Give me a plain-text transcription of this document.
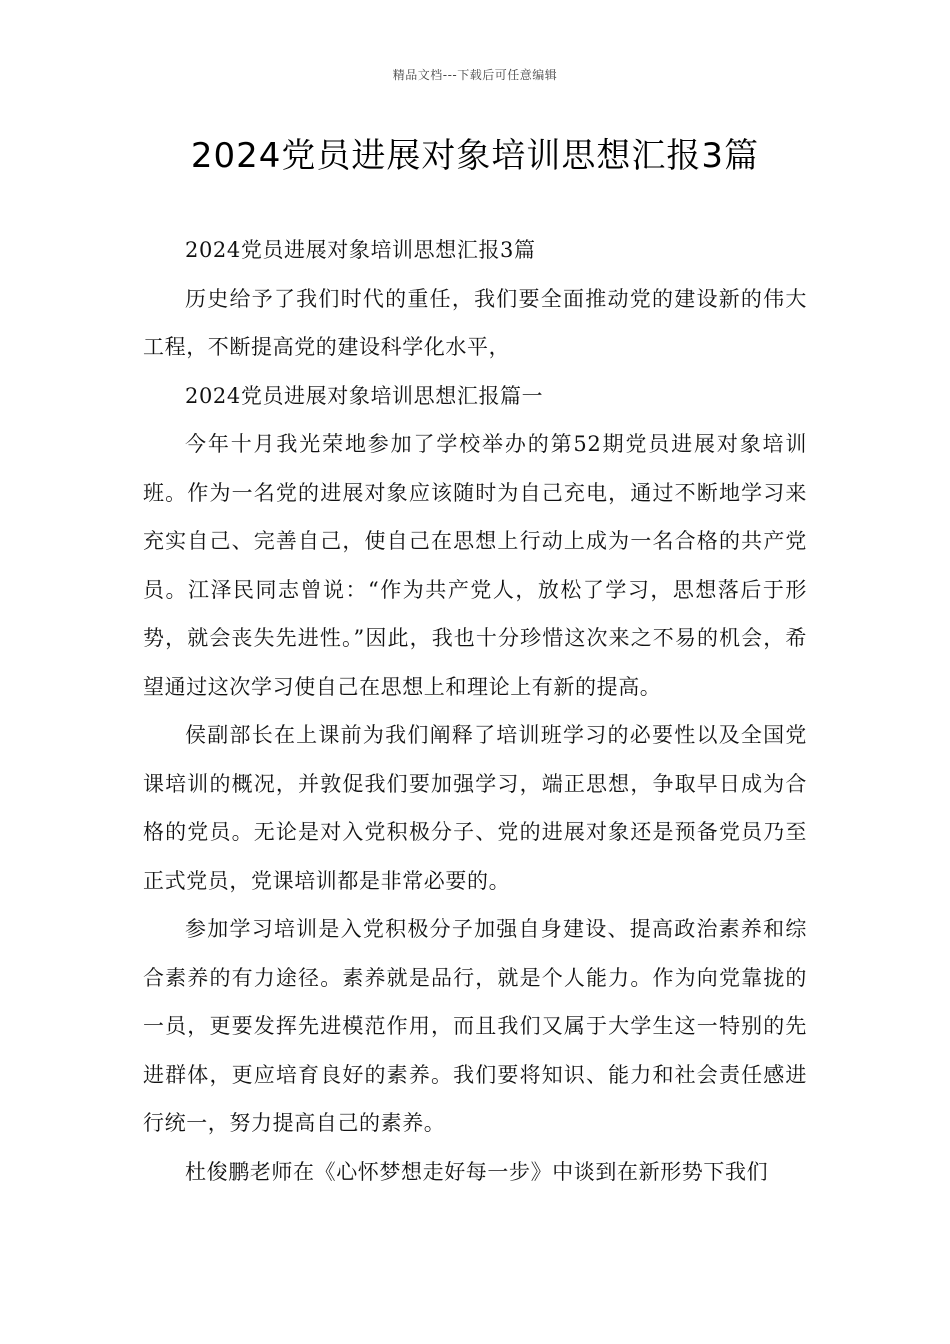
精品文档---下载后可任意编辑
2024党员进展对象培训思想汇报3篇

2024党员进展对象培训思想汇报3篇

历史给予了我们时代的重任，我们要全面推动党的建设新的伟大工程，不断提高党的建设科学化水平，

2024党员进展对象培训思想汇报篇一

今年十月我光荣地参加了学校举办的第52期党员进展对象培训班。作为一名党的进展对象应该随时为自己充电，通过不断地学习来充实自己、完善自己，使自己在思想上行动上成为一名合格的共产党员。江泽民同志曾说：“作为共产党人，放松了学习，思想落后于形势，就会丧失先进性。”因此，我也十分珍惜这次来之不易的机会，希望通过这次学习使自己在思想上和理论上有新的提高。

侯副部长在上课前为我们阐释了培训班学习的必要性以及全国党课培训的概况，并敦促我们要加强学习，端正思想，争取早日成为合格的党员。无论是对入党积极分子、党的进展对象还是预备党员乃至正式党员，党课培训都是非常必要的。

参加学习培训是入党积极分子加强自身建设、提高政治素养和综合素养的有力途径。素养就是品行，就是个人能力。作为向党靠拢的一员，更要发挥先进模范作用，而且我们又属于大学生这一特别的先进群体，更应培育良好的素养。我们要将知识、能力和社会责任感进行统一，努力提高自己的素养。

杜俊鹏老师在《心怀梦想走好每一步》中谈到在新形势下我们
